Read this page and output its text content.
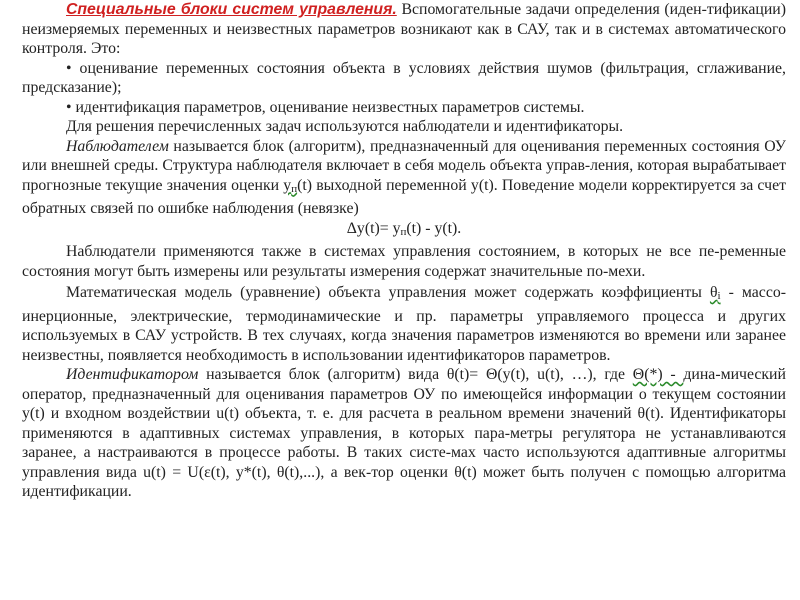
Специальные блоки систем управления. Вспомогательные задачи определения (иден-тификации) неизмеряемых переменных и неизвестных параметров возникают как в САУ, так и в системах автоматического контроля. Это:

• оценивание переменных состояния объекта в условиях действия шумов (фильтрация, сглаживание, предсказание);

• идентификация параметров, оценивание неизвестных параметров системы.

Для решения перечисленных задач используются наблюдатели и идентификаторы.

Наблюдателем называется блок (алгоритм), предназначенный для оценивания переменных состояния ОУ или внешней среды. Структура наблюдателя включает в себя модель объекта управ-ления, которая вырабатывает прогнозные текущие значения оценки yп(t) выходной переменной y(t). Поведение модели корректируется за счет обратных связей по ошибке наблюдения (невязке)

Δy(t)= yп(t) - y(t).

Наблюдатели применяются также в системах управления состоянием, в которых не все пе-ременные состояния могут быть измерены или результаты измерения содержат значительные по-мехи.

Математическая модель (уравнение) объекта управления может содержать коэффициенты θi - массо-инерционные, электрические, термодинамические и пр. параметры управляемого процесса и других используемых в САУ устройств. В тех случаях, когда значения параметров изменяются во времени или заранее неизвестны, появляется необходимость в использовании идентификаторов параметров.

Идентификатором называется блок (алгоритм) вида θ(t)= Θ(y(t), u(t), …), где Θ(*) - дина-мический оператор, предназначенный для оценивания параметров ОУ по имеющейся информации о текущем состоянии y(t) и входном воздействии u(t) объекта, т. е. для расчета в реальном времени значений θ(t). Идентификаторы применяются в адаптивных системах управления, в которых пара-метры регулятора не устанавливаются заранее, а настраиваются в процессе работы. В таких систе-мах часто используются адаптивные алгоритмы управления вида u(t) = U(ε(t), y*(t), θ(t),...), а век-тор оценки θ(t) может быть получен с помощью алгоритма идентификации.
